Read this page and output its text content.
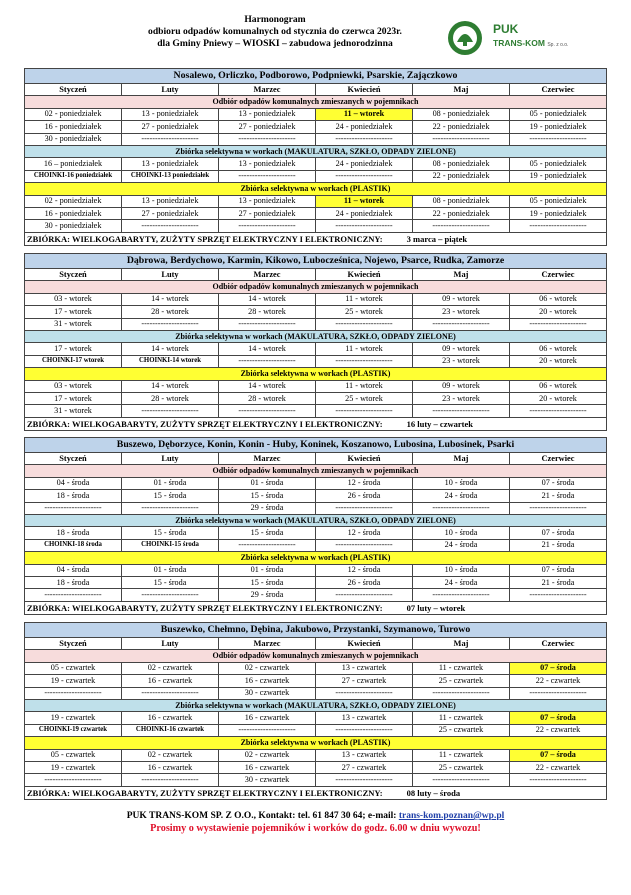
Harmonogram
odbioru odpadów komunalnych od stycznia do czerwca 2023r.
dla Gminy Pniewy – WIOSKI – zabudowa jednorodzinna
PUK
TRANS-KOM Sp. z o.o.
Nosalewo, Orliczko, Podborowo, Podpniewki, Psarskie, Zajączkowo					
Styczeń	Luty	Marzec	Kwiecień	Maj	Czerwiec
Odbiór odpadów komunalnych zmieszanych w pojemnikach					
02 - poniedziałek	13 - poniedziałek	13 - poniedziałek	11 – wtorek	08 - poniedziałek	05 - poniedziałek
16 - poniedziałek	27 - poniedziałek	27 - poniedziałek	24 - poniedziałek	22 - poniedziałek	19 - poniedziałek
30 - poniedziałek	---------------------	---------------------	---------------------	---------------------	---------------------
Zbiórka selektywna w workach (MAKULATURA, SZKŁO, ODPADY ZIELONE)					
16 – poniedziałek	13 - poniedziałek	13 - poniedziałek	24 - poniedziałek	08 - poniedziałek	05 - poniedziałek
CHOINKI-16 poniedziałek	CHOINKI-13 poniedziałek	---------------------	---------------------	22 - poniedziałek	19 - poniedziałek
Zbiórka selektywna w workach (PLASTIK)					
02 - poniedziałek	13 - poniedziałek	13 - poniedziałek	11 – wtorek	08 - poniedziałek	05 - poniedziałek
16 - poniedziałek	27 - poniedziałek	27 - poniedziałek	24 - poniedziałek	22 - poniedziałek	19 - poniedziałek
30 - poniedziałek	---------------------	---------------------	---------------------	---------------------	---------------------
ZBIÓRKA: WIELKOGABARYTY, ZUŻYTY SPRZĘT ELEKTRYCZNY I ELEKTRONICZNY: 3 marca – piątek					
Dąbrowa, Berdychowo, Karmin, Kikowo, Lubocześnica, Nojewo, Psarce, Rudka, Zamorze					
Styczeń	Luty	Marzec	Kwiecień	Maj	Czerwiec
Odbiór odpadów komunalnych zmieszanych w pojemnikach					
03 - wtorek	14 - wtorek	14 - wtorek	11 - wtorek	09 - wtorek	06 - wtorek
17 - wtorek	28 - wtorek	28 - wtorek	25 - wtorek	23 - wtorek	20 - wtorek
31 - wtorek	---------------------	---------------------	---------------------	---------------------	---------------------
Zbiórka selektywna w workach (MAKULATURA, SZKŁO, ODPADY ZIELONE)					
17 - wtorek	14 - wtorek	14 - wtorek	11 - wtorek	09 - wtorek	06 - wtorek
CHOINKI-17 wtorek	CHOINKI-14 wtorek	---------------------	---------------------	23 - wtorek	20 - wtorek
Zbiórka selektywna w workach (PLASTIK)					
03 - wtorek	14 - wtorek	14 - wtorek	11 - wtorek	09 - wtorek	06 - wtorek
17 - wtorek	28 - wtorek	28 - wtorek	25 - wtorek	23 - wtorek	20 - wtorek
31 - wtorek	---------------------	---------------------	---------------------	---------------------	---------------------
ZBIÓRKA: WIELKOGABARYTY, ZUŻYTY SPRZĘT ELEKTRYCZNY I ELEKTRONICZNY: 16 luty – czwartek					
Buszewo, Dęborzyce, Konin, Konin - Huby, Koninek, Koszanowo, Lubosina, Lubosinek, Psarki					
Styczeń	Luty	Marzec	Kwiecień	Maj	Czerwiec
Odbiór odpadów komunalnych zmieszanych w pojemnikach					
04 - środa	01 - środa	01 - środa	12 - środa	10 - środa	07 - środa
18 - środa	15 - środa	15 - środa	26 - środa	24 - środa	21 - środa
---------------------	---------------------	29 - środa	---------------------	---------------------	---------------------
Zbiórka selektywna w workach (MAKULATURA, SZKŁO, ODPADY ZIELONE)					
18 - środa	15 - środa	15 - środa	12 - środa	10 - środa	07 - środa
CHOINKI-18 środa	CHOINKI-15 środa	---------------------	---------------------	24 - środa	21 - środa
Zbiórka selektywna w workach (PLASTIK)					
04 - środa	01 - środa	01 - środa	12 - środa	10 - środa	07 - środa
18 - środa	15 - środa	15 - środa	26 - środa	24 - środa	21 - środa
---------------------	---------------------	29 - środa	---------------------	---------------------	---------------------
ZBIÓRKA: WIELKOGABARYTY, ZUŻYTY SPRZĘT ELEKTRYCZNY I ELEKTRONICZNY: 07 luty – wtorek					
Buszewko, Chełmno, Dębina, Jakubowo, Przystanki, Szymanowo, Turowo					
Styczeń	Luty	Marzec	Kwiecień	Maj	Czerwiec
Odbiór odpadów komunalnych zmieszanych w pojemnikach					
05 - czwartek	02 - czwartek	02 - czwartek	13 - czwartek	11 - czwartek	07 – środa
19 - czwartek	16 - czwartek	16 - czwartek	27 - czwartek	25 - czwartek	22 - czwartek
---------------------	---------------------	30 - czwartek	---------------------	---------------------	---------------------
Zbiórka selektywna w workach (MAKULATURA, SZKŁO, ODPADY ZIELONE)					
19 - czwartek	16 - czwartek	16 - czwartek	13 - czwartek	11 - czwartek	07 – środa
CHOINKI-19 czwartek	CHOINKI-16 czwartek	---------------------	---------------------	25 - czwartek	22 - czwartek
Zbiórka selektywna w workach (PLASTIK)					
05 - czwartek	02 - czwartek	02 - czwartek	13 - czwartek	11 - czwartek	07 – środa
19 - czwartek	16 - czwartek	16 - czwartek	27 - czwartek	25 - czwartek	22 - czwartek
---------------------	---------------------	30 - czwartek	---------------------	---------------------	---------------------
ZBIÓRKA: WIELKOGABARYTY, ZUŻYTY SPRZĘT ELEKTRYCZNY I ELEKTRONICZNY: 08 luty – środa					
PUK TRANS-KOM SP. Z O.O., Kontakt: tel. 61 847 30 64; e-mail: trans-kom.poznan@wp.pl
Prosimy o wystawienie pojemników i worków do godz. 6.00 w dniu wywozu!
